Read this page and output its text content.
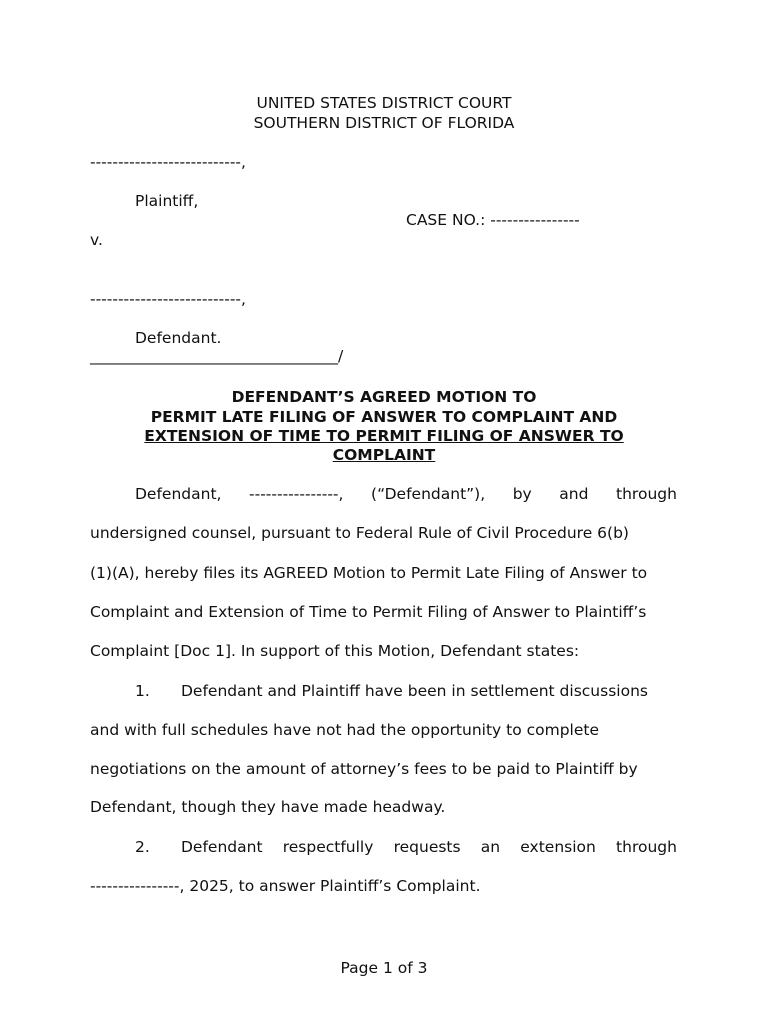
UNITED STATES DISTRICT COURT
SOUTHERN DISTRICT OF FLORIDA
---------------------------,
Plaintiff,
CASE NO.: ----------------
v.
---------------------------,
Defendant.
________________________________/
DEFENDANT’S AGREED MOTION TO
PERMIT LATE FILING OF ANSWER TO COMPLAINT AND
EXTENSION OF TIME TO PERMIT FILING OF ANSWER TO
COMPLAINT
Defendant, ----------------, (“Defendant”), by and through
undersigned counsel, pursuant to Federal Rule of Civil Procedure 6(b)
(1)(A), hereby files its AGREED Motion to Permit Late Filing of Answer to
Complaint and Extension of Time to Permit Filing of Answer to Plaintiff’s
Complaint [Doc 1]. In support of this Motion, Defendant states:
1. Defendant and Plaintiff have been in settlement discussions
and with full schedules have not had the opportunity to complete
negotiations on the amount of attorney’s fees to be paid to Plaintiff by
Defendant, though they have made headway.
2. Defendant respectfully requests an extension through
----------------, 2025, to answer Plaintiff’s Complaint.
Page 1 of 3
